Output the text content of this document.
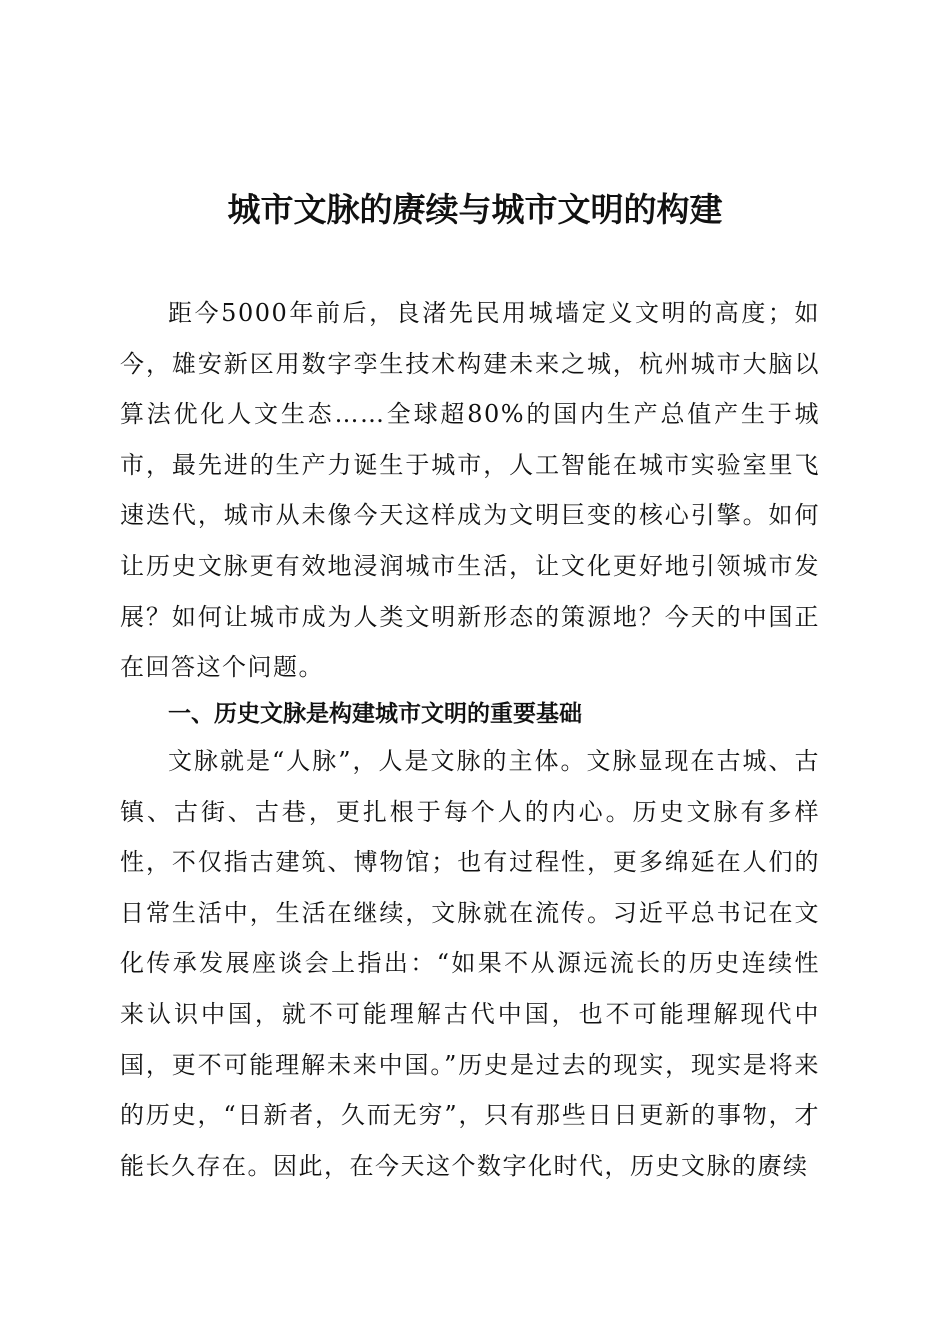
城市文脉的赓续与城市文明的构建

距今5000年前后，良渚先民用城墙定义文明的高度；如今，雄安新区用数字孪生技术构建未来之城，杭州城市大脑以算法优化人文生态……全球超80%的国内生产总值产生于城市，最先进的生产力诞生于城市，人工智能在城市实验室里飞速迭代，城市从未像今天这样成为文明巨变的核心引擎。如何让历史文脉更有效地浸润城市生活，让文化更好地引领城市发展？如何让城市成为人类文明新形态的策源地？今天的中国正在回答这个问题。

一、历史文脉是构建城市文明的重要基础

文脉就是“人脉”，人是文脉的主体。文脉显现在古城、古镇、古街、古巷，更扎根于每个人的内心。历史文脉有多样性，不仅指古建筑、博物馆；也有过程性，更多绵延在人们的日常生活中，生活在继续，文脉就在流传。习近平总书记在文化传承发展座谈会上指出：“如果不从源远流长的历史连续性来认识中国，就不可能理解古代中国，也不可能理解现代中国，更不可能理解未来中国。”历史是过去的现实，现实是将来的历史，“日新者，久而无穷”，只有那些日日更新的事物，才能长久存在。因此，在今天这个数字化时代，历史文脉的赓续
